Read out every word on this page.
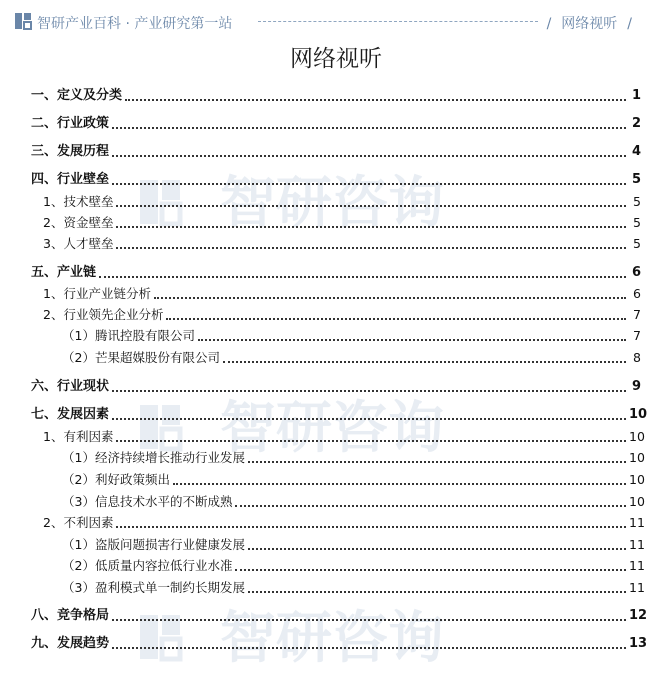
智研产业百科 · 产业研究第一站	/ 网络视听 /
网络视听
智研咨询
智研咨询
智研咨询
一、定义及分类	1
二、行业政策	2
三、发展历程	4
四、行业壁垒	5
1、技术壁垒	5
2、资金壁垒	5
3、人才壁垒	5
五、产业链	6
1、行业产业链分析	6
2、行业领先企业分析	7
（1）腾讯控股有限公司	7
（2）芒果超媒股份有限公司	8
六、行业现状	9
七、发展因素	10
1、有利因素	10
（1）经济持续增长推动行业发展	10
（2）利好政策频出	10
（3）信息技术水平的不断成熟	10
2、不利因素	11
（1）盗版问题损害行业健康发展	11
（2）低质量内容拉低行业水准	11
（3）盈利模式单一制约长期发展	11
八、竞争格局	12
九、发展趋势	13
